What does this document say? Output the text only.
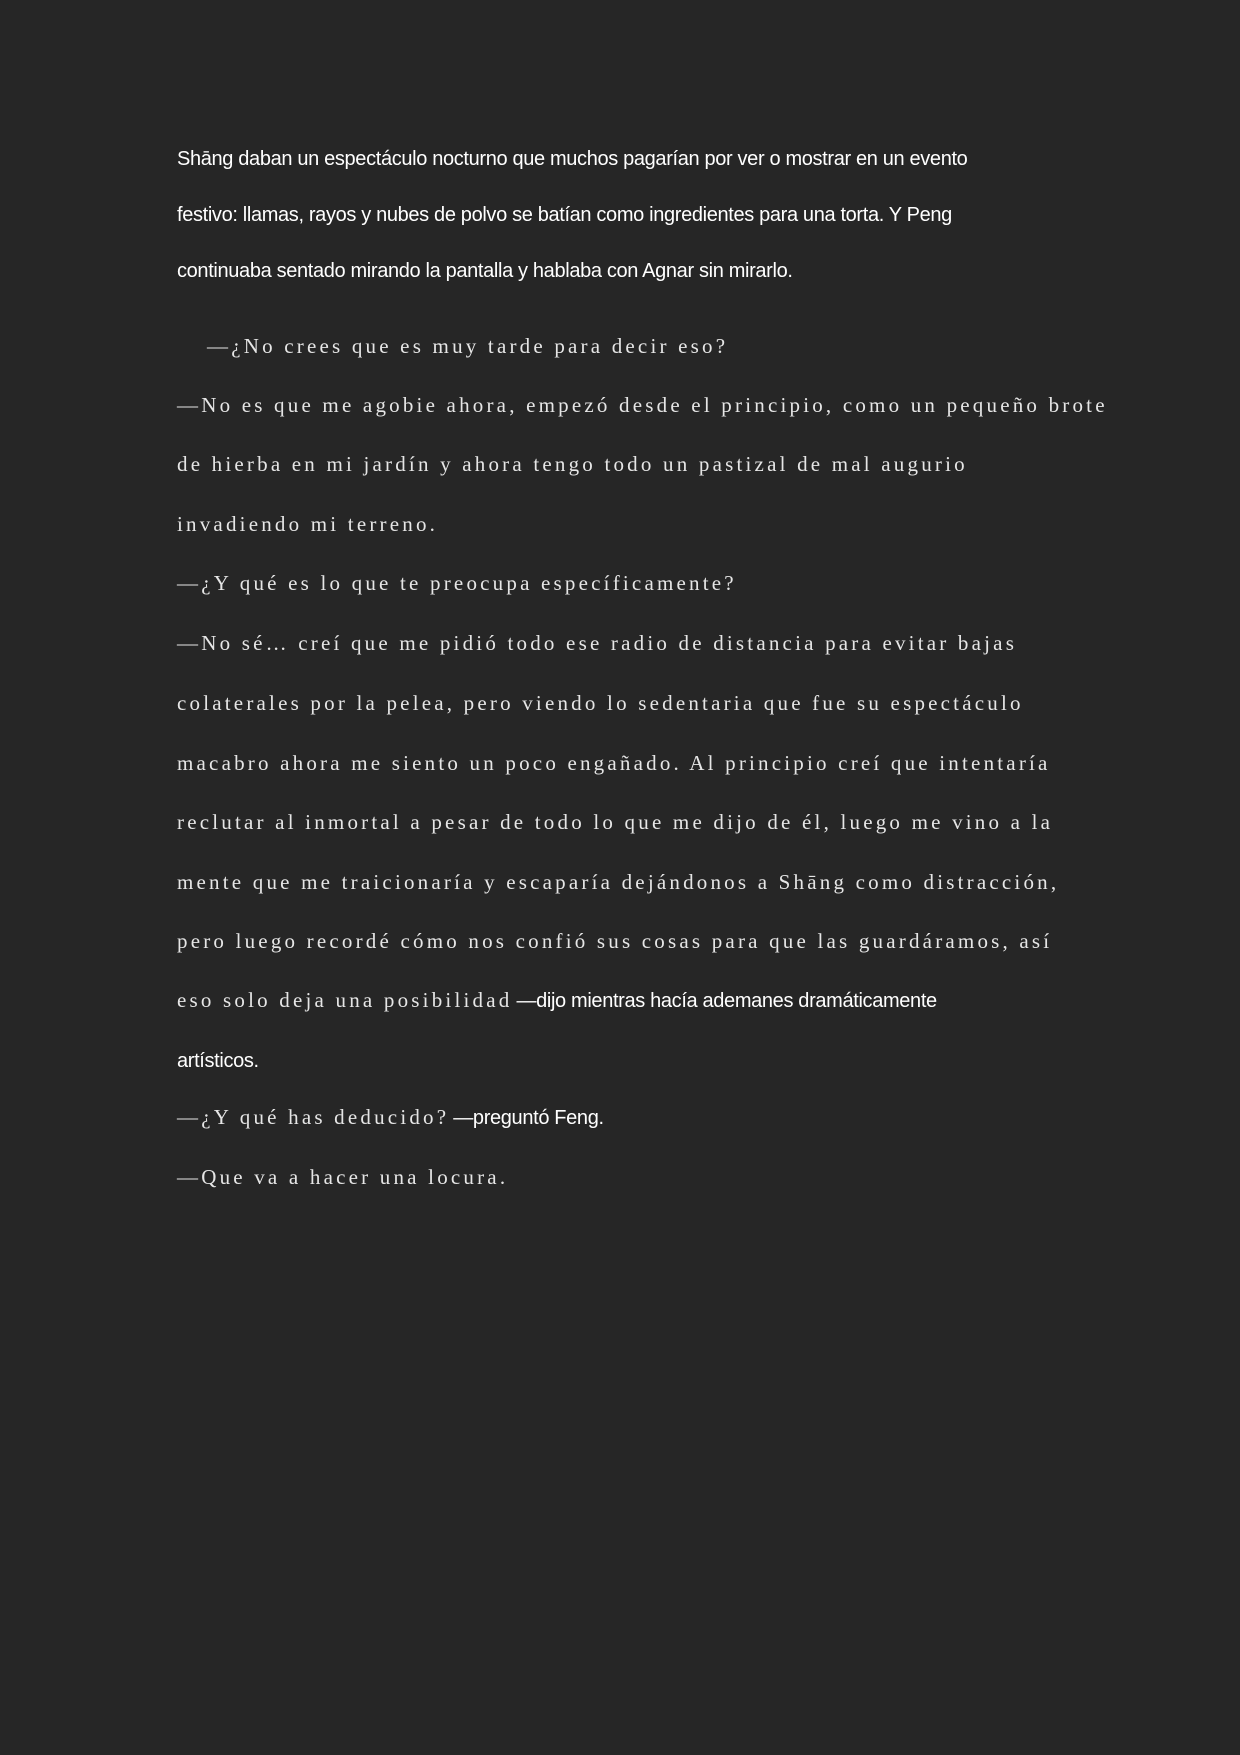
Shāng daban un espectáculo nocturno que muchos pagarían por ver o mostrar en un evento
festivo: llamas, rayos y nubes de polvo se batían como ingredientes para una torta. Y Peng
continuaba sentado mirando la pantalla y hablaba con Agnar sin mirarlo.
—¿No crees que es muy tarde para decir eso?
—No es que me agobie ahora, empezó desde el principio, como un pequeño brote
de hierba en mi jardín y ahora tengo todo un pastizal de mal augurio
invadiendo mi terreno.
—¿Y qué es lo que te preocupa específicamente?
—No sé… creí que me pidió todo ese radio de distancia para evitar bajas
colaterales por la pelea, pero viendo lo sedentaria que fue su espectáculo
macabro ahora me siento un poco engañado. Al principio creí que intentaría
reclutar al inmortal a pesar de todo lo que me dijo de él, luego me vino a la
mente que me traicionaría y escaparía dejándonos a Shāng como distracción,
pero luego recordé cómo nos confió sus cosas para que las guardáramos, así
eso solo deja una posibilidad —dijo mientras hacía ademanes dramáticamente
artísticos.
—¿Y qué has deducido? —preguntó Feng.
—Que va a hacer una locura.
